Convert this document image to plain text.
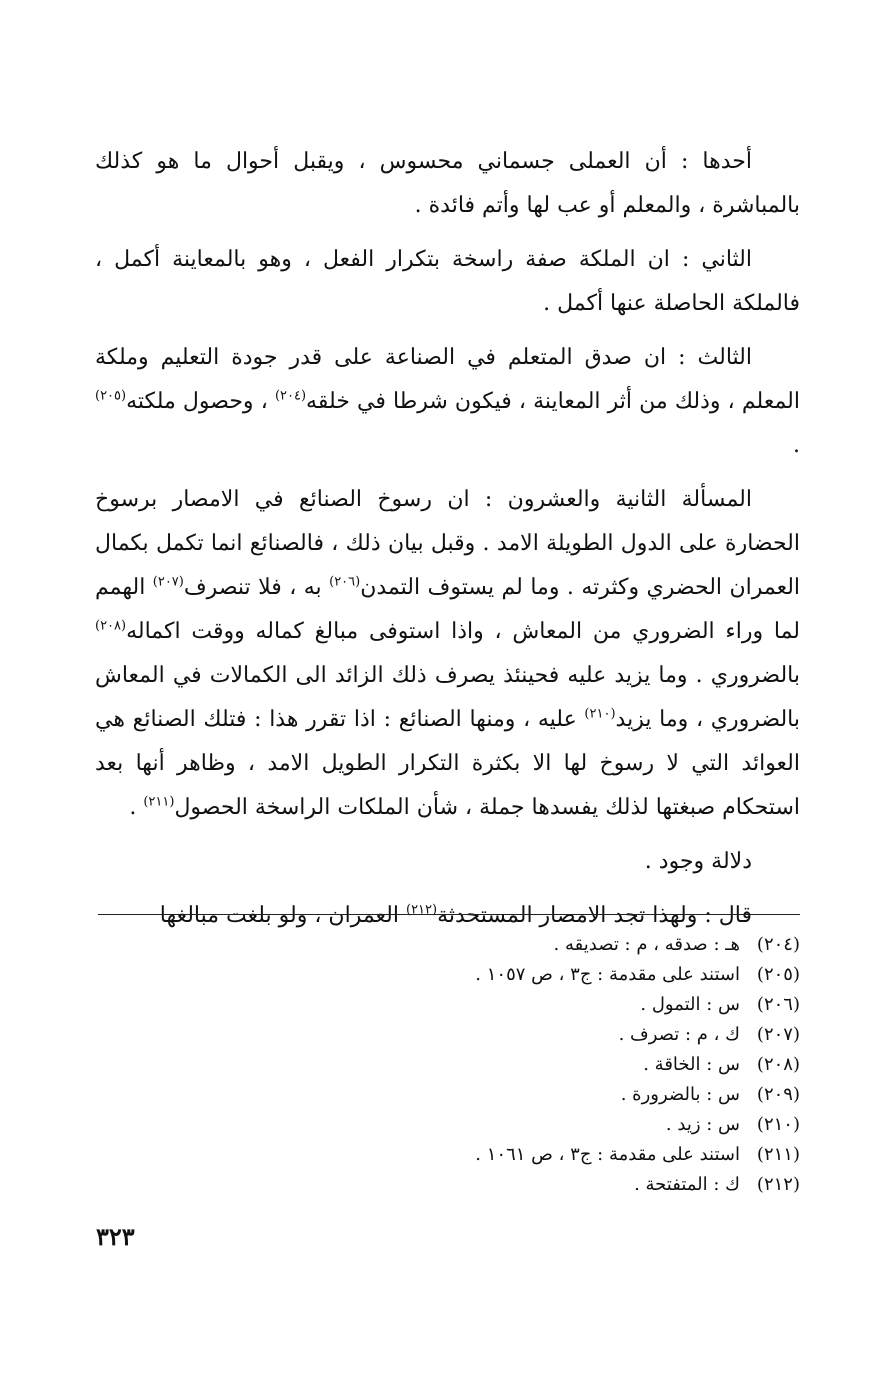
أحدها : أن العملى جسماني محسوس ، ويقبل أحوال ما هو كذلك بالمباشرة ، والمعلم أو عب لها وأتم فائدة .

الثاني : ان الملكة صفة راسخة بتكرار الفعل ، وهو بالمعاينة أكمل ، فالملكة الحاصلة عنها أكمل .

الثالث : ان صدق المتعلم في الصناعة على قدر جودة التعليم وملكة المعلم ، وذلك من أثر المعاينة ، فيكون شرطا في خلقه$^{(٢٠٤)}$ ، وحصول ملكته$^{(٢٠٥)}$ .

المسألة الثانية والعشرون : ان رسوخ الصنائع في الامصار برسوخ الحضارة على الدول الطويلة الامد . وقبل بيان ذلك ، فالصنائع انما تكمل بكمال العمران الحضري وكثرته . وما لم يستوف التمدن$^{(٢٠٦)}$ به ، فلا تنصرف$^{(٢٠٧)}$ الهمم لما وراء الضروري من المعاش ، واذا استوفى مبالغ كماله ووقت اكماله$^{(٢٠٨)}$ بالضروري . وما يزيد عليه فحينئذ يصرف ذلك الزائد الى الكمالات في المعاش بالضروري ، وما يزيد$^{(٢١٠)}$ عليه ، ومنها الصنائع : اذا تقرر هذا : فتلك الصنائع هي العوائد التي لا رسوخ لها الا بكثرة التكرار الطويل الامد ، وظاهر أنها بعد استحكام صبغتها لذلك يفسدها جملة ، شأن الملكات الراسخة الحصول$^{(٢١١)}$ .

دلالة وجود .

قال : ولهذا تجد الامصار المستحدثة$^{(٢١٢)}$ العمران ، ولو بلغت مبالغها

(٢٠٤)
هـ : صدقه ، م : تصديقه .
(٢٠٥)
استند على مقدمة : ج٣ ، ص ١٠٥٧ .
(٢٠٦)
س : التمول .
(٢٠٧)
ك ، م : تصرف .
(٢٠٨)
س : الخاقة .
(٢٠٩)
س : بالضرورة .
(٢١٠)
س : زيد .
(٢١١)
استند على مقدمة : ج٣ ، ص ١٠٦١ .
(٢١٢)
ك : المتفتحة .
٣٢٣
